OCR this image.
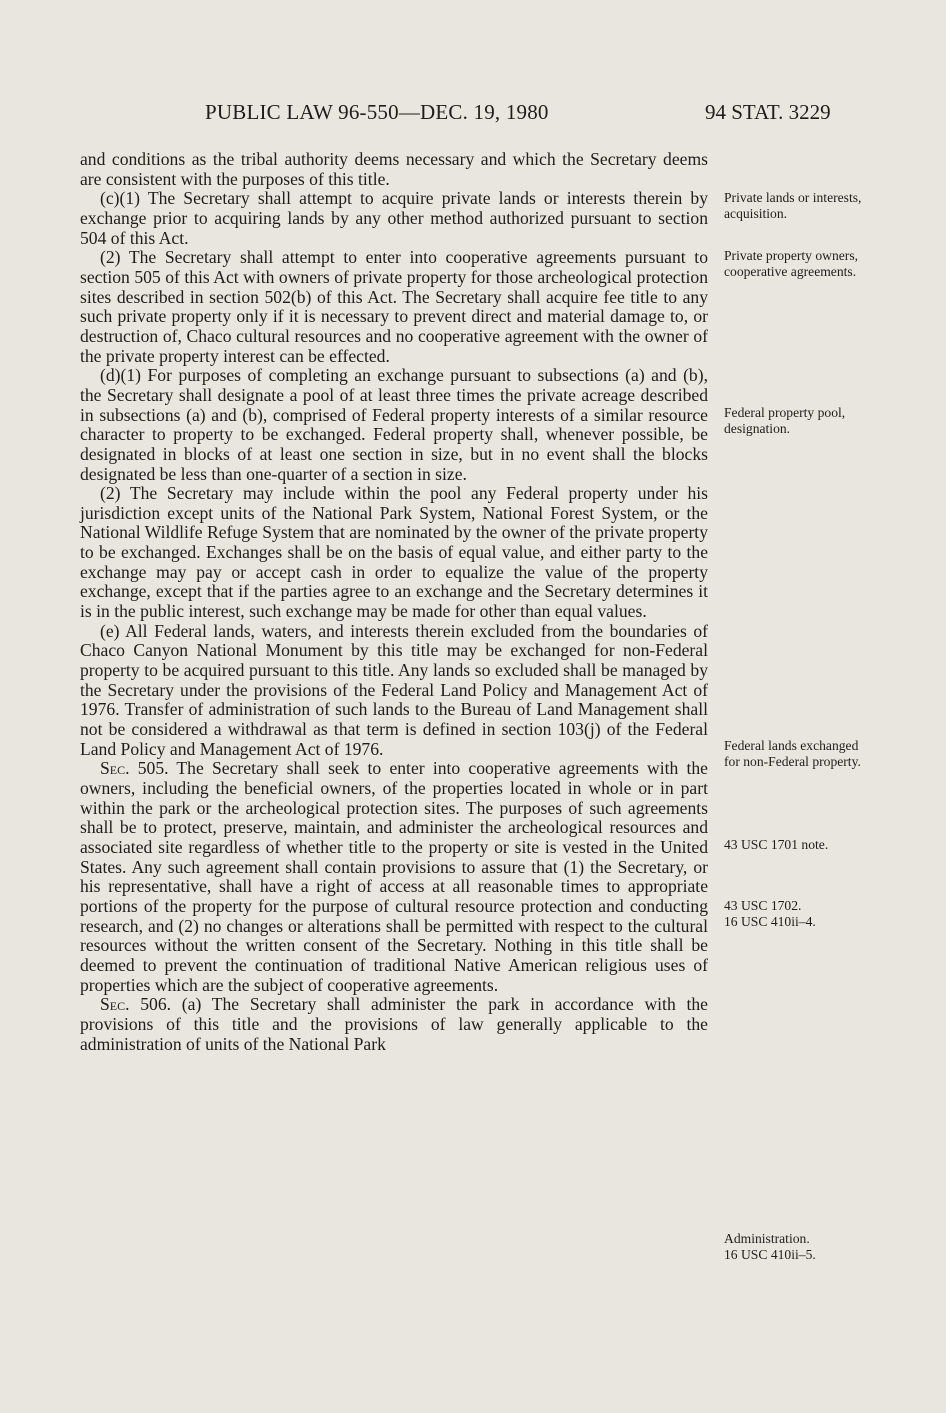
PUBLIC LAW 96-550—DEC. 19, 1980	94 STAT. 3229

and conditions as the tribal authority deems necessary and which the Secretary deems are consistent with the purposes of this title.

(c)(1) The Secretary shall attempt to acquire private lands or interests therein by exchange prior to acquiring lands by any other method authorized pursuant to section 504 of this Act.

(2) The Secretary shall attempt to enter into cooperative agreements pursuant to section 505 of this Act with owners of private property for those archeological protection sites described in section 502(b) of this Act. The Secretary shall acquire fee title to any such private property only if it is necessary to prevent direct and material damage to, or destruction of, Chaco cultural resources and no cooperative agreement with the owner of the private property interest can be effected.

(d)(1) For purposes of completing an exchange pursuant to subsections (a) and (b), the Secretary shall designate a pool of at least three times the private acreage described in subsections (a) and (b), comprised of Federal property interests of a similar resource character to property to be exchanged. Federal property shall, whenever possible, be designated in blocks of at least one section in size, but in no event shall the blocks designated be less than one-quarter of a section in size.

(2) The Secretary may include within the pool any Federal property under his jurisdiction except units of the National Park System, National Forest System, or the National Wildlife Refuge System that are nominated by the owner of the private property to be exchanged. Exchanges shall be on the basis of equal value, and either party to the exchange may pay or accept cash in order to equalize the value of the property exchange, except that if the parties agree to an exchange and the Secretary determines it is in the public interest, such exchange may be made for other than equal values.

(e) All Federal lands, waters, and interests therein excluded from the boundaries of Chaco Canyon National Monument by this title may be exchanged for non-Federal property to be acquired pursuant to this title. Any lands so excluded shall be managed by the Secretary under the provisions of the Federal Land Policy and Management Act of 1976. Transfer of administration of such lands to the Bureau of Land Management shall not be considered a withdrawal as that term is defined in section 103(j) of the Federal Land Policy and Management Act of 1976.

Sec. 505. The Secretary shall seek to enter into cooperative agreements with the owners, including the beneficial owners, of the properties located in whole or in part within the park or the archeological protection sites. The purposes of such agreements shall be to protect, preserve, maintain, and administer the archeological resources and associated site regardless of whether title to the property or site is vested in the United States. Any such agreement shall contain provisions to assure that (1) the Secretary, or his representative, shall have a right of access at all reasonable times to appropriate portions of the property for the purpose of cultural resource protection and conducting research, and (2) no changes or alterations shall be permitted with respect to the cultural resources without the written consent of the Secretary. Nothing in this title shall be deemed to prevent the continuation of traditional Native American religious uses of properties which are the subject of cooperative agreements.

Sec. 506. (a) The Secretary shall administer the park in accordance with the provisions of this title and the provisions of law generally applicable to the administration of units of the National Park

Private lands or interests, acquisition.
Private property owners, cooperative agreements.
Federal property pool, designation.
Federal lands exchanged for non-Federal property.
43 USC 1701 note.
43 USC 1702.
16 USC 410ii–4.
Administration.
16 USC 410ii–5.
